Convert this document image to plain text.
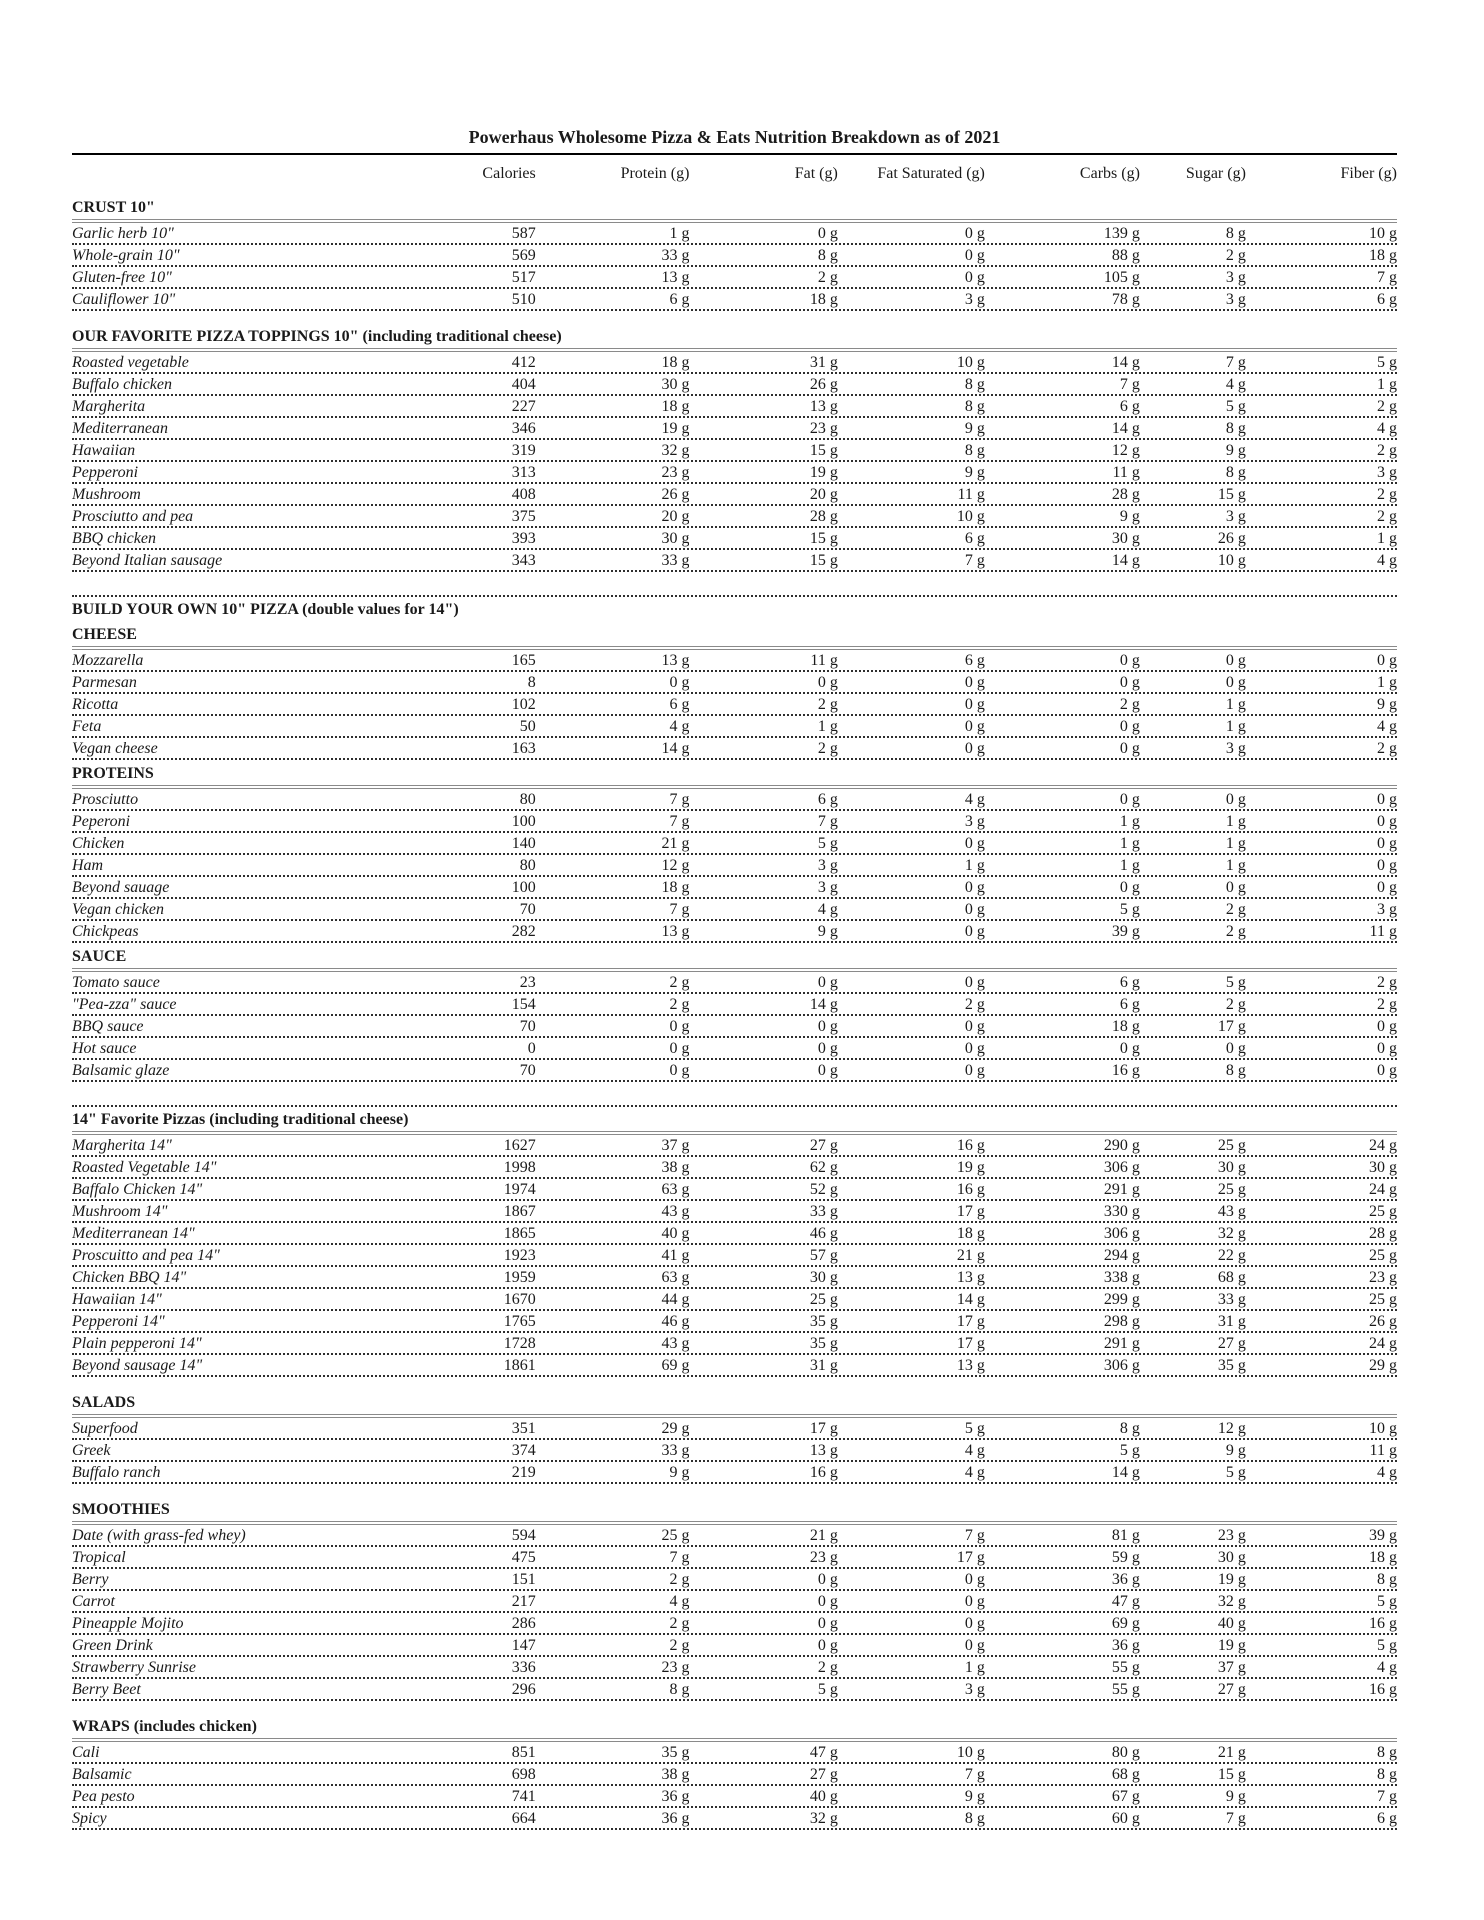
Powerhaus Wholesome Pizza & Eats Nutrition Breakdown as of 2021
Calories	Protein (g)	Fat (g)	Fat Saturated (g)	Carbs (g)	Sugar (g)	Fiber (g)
CRUST 10"
Garlic herb 10"	587	1 g	0 g	0 g	139 g	8 g	10 g
Whole-grain 10"	569	33 g	8 g	0 g	88 g	2 g	18 g
Gluten-free 10"	517	13 g	2 g	0 g	105 g	3 g	7 g
Cauliflower 10"	510	6 g	18 g	3 g	78 g	3 g	6 g
OUR FAVORITE PIZZA TOPPINGS 10" (including traditional cheese)
Roasted vegetable	412	18 g	31 g	10 g	14 g	7 g	5 g
Buffalo chicken	404	30 g	26 g	8 g	7 g	4 g	1 g
Margherita	227	18 g	13 g	8 g	6 g	5 g	2 g
Mediterranean	346	19 g	23 g	9 g	14 g	8 g	4 g
Hawaiian	319	32 g	15 g	8 g	12 g	9 g	2 g
Pepperoni	313	23 g	19 g	9 g	11 g	8 g	3 g
Mushroom	408	26 g	20 g	11 g	28 g	15 g	2 g
Prosciutto and pea	375	20 g	28 g	10 g	9 g	3 g	2 g
BBQ chicken	393	30 g	15 g	6 g	30 g	26 g	1 g
Beyond Italian sausage	343	33 g	15 g	7 g	14 g	10 g	4 g
BUILD YOUR OWN 10" PIZZA (double values for 14")
CHEESE
Mozzarella	165	13 g	11 g	6 g	0 g	0 g	0 g
Parmesan	8	0 g	0 g	0 g	0 g	0 g	1 g
Ricotta	102	6 g	2 g	0 g	2 g	1 g	9 g
Feta	50	4 g	1 g	0 g	0 g	1 g	4 g
Vegan cheese	163	14 g	2 g	0 g	0 g	3 g	2 g
PROTEINS
Prosciutto	80	7 g	6 g	4 g	0 g	0 g	0 g
Peperoni	100	7 g	7 g	3 g	1 g	1 g	0 g
Chicken	140	21 g	5 g	0 g	1 g	1 g	0 g
Ham	80	12 g	3 g	1 g	1 g	1 g	0 g
Beyond sauage	100	18 g	3 g	0 g	0 g	0 g	0 g
Vegan chicken	70	7 g	4 g	0 g	5 g	2 g	3 g
Chickpeas	282	13 g	9 g	0 g	39 g	2 g	11 g
SAUCE
Tomato sauce	23	2 g	0 g	0 g	6 g	5 g	2 g
"Pea-zza" sauce	154	2 g	14 g	2 g	6 g	2 g	2 g
BBQ sauce	70	0 g	0 g	0 g	18 g	17 g	0 g
Hot sauce	0	0 g	0 g	0 g	0 g	0 g	0 g
Balsamic glaze	70	0 g	0 g	0 g	16 g	8 g	0 g
14" Favorite Pizzas (including traditional cheese)
Margherita 14"	1627	37 g	27 g	16 g	290 g	25 g	24 g
Roasted Vegetable 14"	1998	38 g	62 g	19 g	306 g	30 g	30 g
Baffalo Chicken 14"	1974	63 g	52 g	16 g	291 g	25 g	24 g
Mushroom 14"	1867	43 g	33 g	17 g	330 g	43 g	25 g
Mediterranean 14"	1865	40 g	46 g	18 g	306 g	32 g	28 g
Proscuitto and pea 14"	1923	41 g	57 g	21 g	294 g	22 g	25 g
Chicken BBQ 14"	1959	63 g	30 g	13 g	338 g	68 g	23 g
Hawaiian 14"	1670	44 g	25 g	14 g	299 g	33 g	25 g
Pepperoni 14"	1765	46 g	35 g	17 g	298 g	31 g	26 g
Plain pepperoni 14"	1728	43 g	35 g	17 g	291 g	27 g	24 g
Beyond sausage 14"	1861	69 g	31 g	13 g	306 g	35 g	29 g
SALADS
Superfood	351	29 g	17 g	5 g	8 g	12 g	10 g
Greek	374	33 g	13 g	4 g	5 g	9 g	11 g
Buffalo ranch	219	9 g	16 g	4 g	14 g	5 g	4 g
SMOOTHIES
Date (with grass-fed whey)	594	25 g	21 g	7 g	81 g	23 g	39 g
Tropical	475	7 g	23 g	17 g	59 g	30 g	18 g
Berry	151	2 g	0 g	0 g	36 g	19 g	8 g
Carrot	217	4 g	0 g	0 g	47 g	32 g	5 g
Pineapple Mojito	286	2 g	0 g	0 g	69 g	40 g	16 g
Green Drink	147	2 g	0 g	0 g	36 g	19 g	5 g
Strawberry Sunrise	336	23 g	2 g	1 g	55 g	37 g	4 g
Berry Beet	296	8 g	5 g	3 g	55 g	27 g	16 g
WRAPS (includes chicken)
Cali	851	35 g	47 g	10 g	80 g	21 g	8 g
Balsamic	698	38 g	27 g	7 g	68 g	15 g	8 g
Pea pesto	741	36 g	40 g	9 g	67 g	9 g	7 g
Spicy	664	36 g	32 g	8 g	60 g	7 g	6 g
